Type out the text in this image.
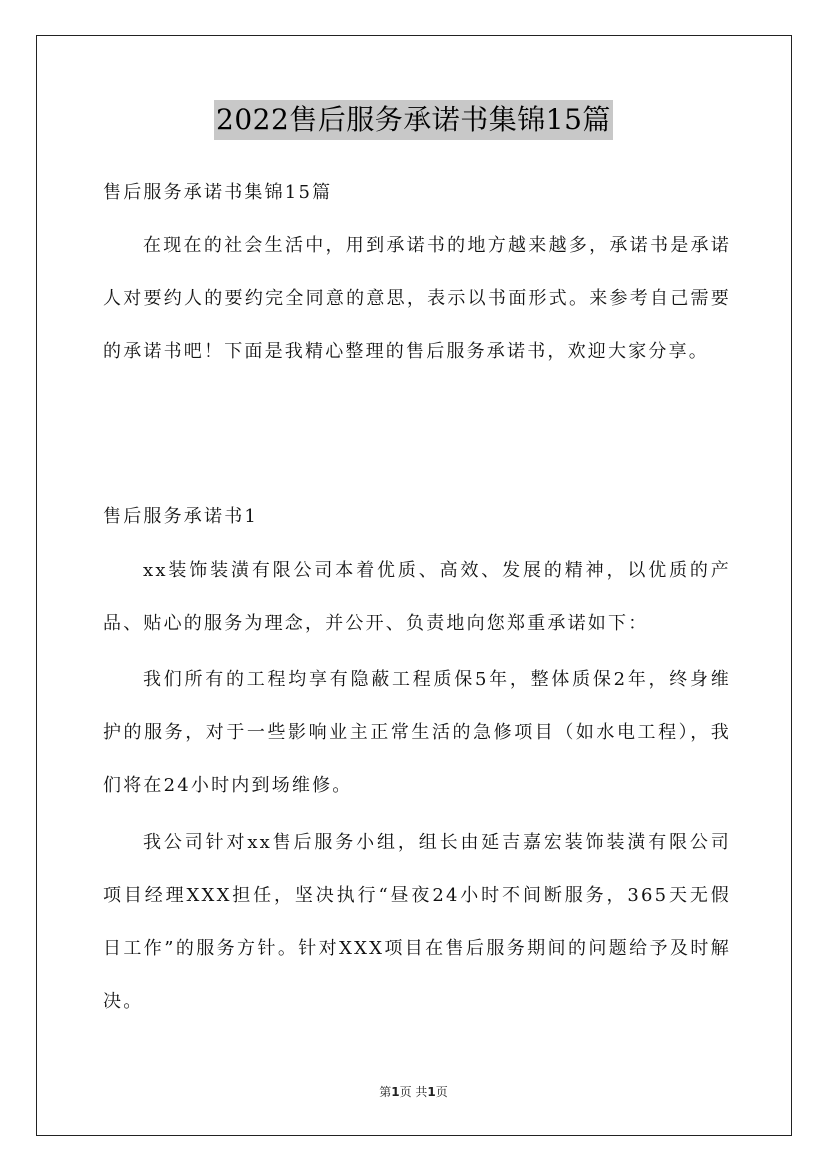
2022售后服务承诺书集锦15篇

售后服务承诺书集锦15篇

在现在的社会生活中，用到承诺书的地方越来越多，承诺书是承诺人对要约人的要约完全同意的意思，表示以书面形式。来参考自己需要的承诺书吧！下面是我精心整理的售后服务承诺书，欢迎大家分享。

售后服务承诺书1

xx装饰装潢有限公司本着优质、高效、发展的精神，以优质的产品、贴心的服务为理念，并公开、负责地向您郑重承诺如下：

我们所有的工程均享有隐蔽工程质保5年，整体质保2年，终身维护的服务，对于一些影响业主正常生活的急修项目（如水电工程），我们将在24小时内到场维修。

我公司针对xx售后服务小组，组长由延吉嘉宏装饰装潢有限公司项目经理XXX担任，坚决执行“昼夜24小时不间断服务，365天无假日工作”的服务方针。针对XXX项目在售后服务期间的问题给予及时解决。

第1页 共1页
